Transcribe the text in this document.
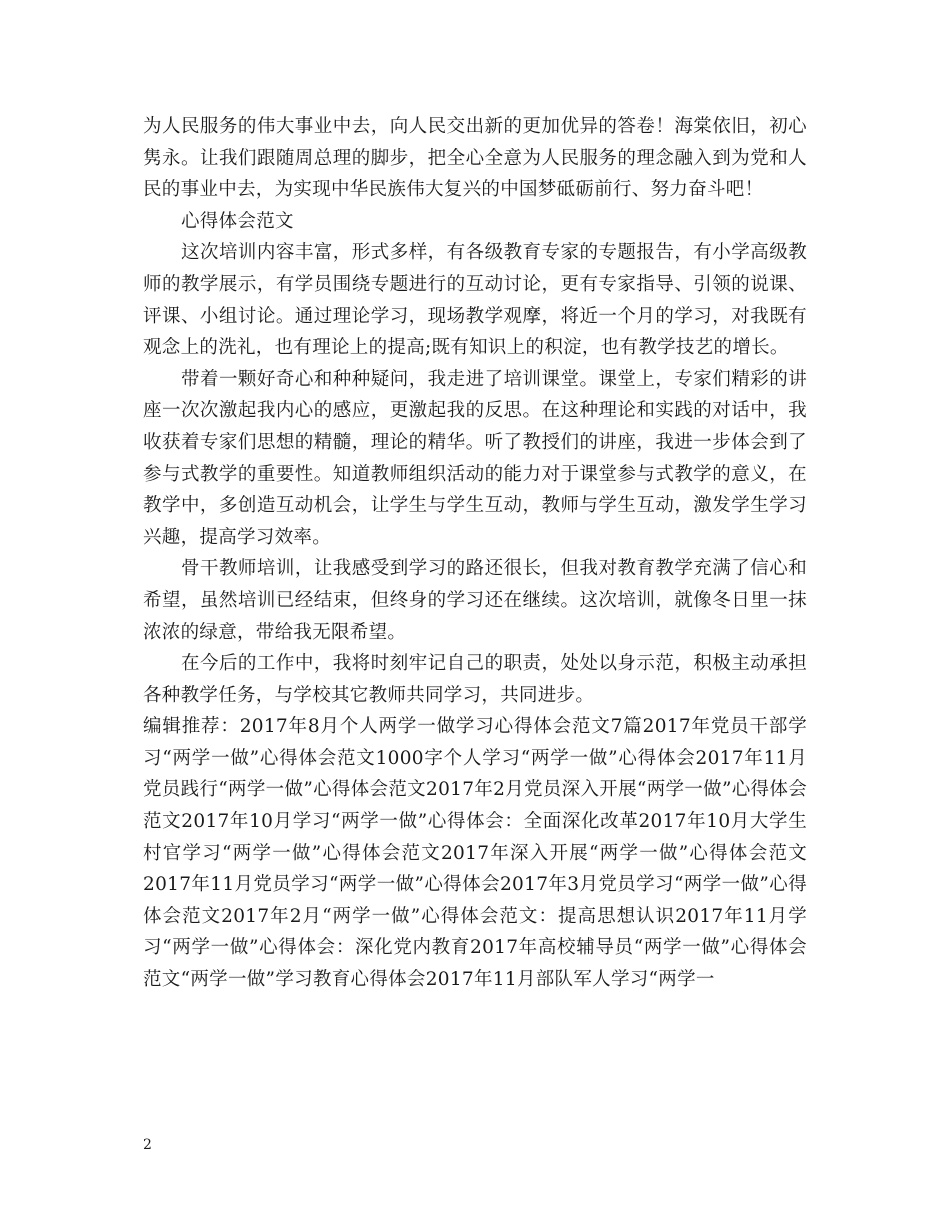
为人民服务的伟大事业中去，向人民交出新的更加优异的答卷！海棠依旧，初心隽永。让我们跟随周总理的脚步，把全心全意为人民服务的理念融入到为党和人民的事业中去，为实现中华民族伟大复兴的中国梦砥砺前行、努力奋斗吧！

心得体会范文

这次培训内容丰富，形式多样，有各级教育专家的专题报告，有小学高级教师的教学展示，有学员围绕专题进行的互动讨论，更有专家指导、引领的说课、评课、小组讨论。通过理论学习，现场教学观摩，将近一个月的学习，对我既有观念上的洗礼，也有理论上的提高;既有知识上的积淀，也有教学技艺的增长。

带着一颗好奇心和种种疑问，我走进了培训课堂。课堂上，专家们精彩的讲座一次次激起我内心的感应，更激起我的反思。在这种理论和实践的对话中，我收获着专家们思想的精髓，理论的精华。听了教授们的讲座，我进一步体会到了参与式教学的重要性。知道教师组织活动的能力对于课堂参与式教学的意义，在教学中，多创造互动机会，让学生与学生互动，教师与学生互动，激发学生学习兴趣，提高学习效率。

骨干教师培训，让我感受到学习的路还很长，但我对教育教学充满了信心和希望，虽然培训已经结束，但终身的学习还在继续。这次培训，就像冬日里一抹浓浓的绿意，带给我无限希望。

在今后的工作中，我将时刻牢记自己的职责，处处以身示范，积极主动承担各种教学任务，与学校其它教师共同学习，共同进步。

编辑推荐：2017年8月个人两学一做学习心得体会范文7篇2017年党员干部学习“两学一做”心得体会范文1000字个人学习“两学一做”心得体会2017年11月党员践行“两学一做”心得体会范文2017年2月党员深入开展“两学一做”心得体会范文2017年10月学习“两学一做”心得体会：全面深化改革2017年10月大学生村官学习“两学一做”心得体会范文2017年深入开展“两学一做”心得体会范文2017年11月党员学习“两学一做”心得体会2017年3月党员学习“两学一做”心得体会范文2017年2月“两学一做”心得体会范文：提高思想认识2017年11月学习“两学一做”心得体会：深化党内教育2017年高校辅导员“两学一做”心得体会范文“两学一做”学习教育心得体会2017年11月部队军人学习“两学一

2
